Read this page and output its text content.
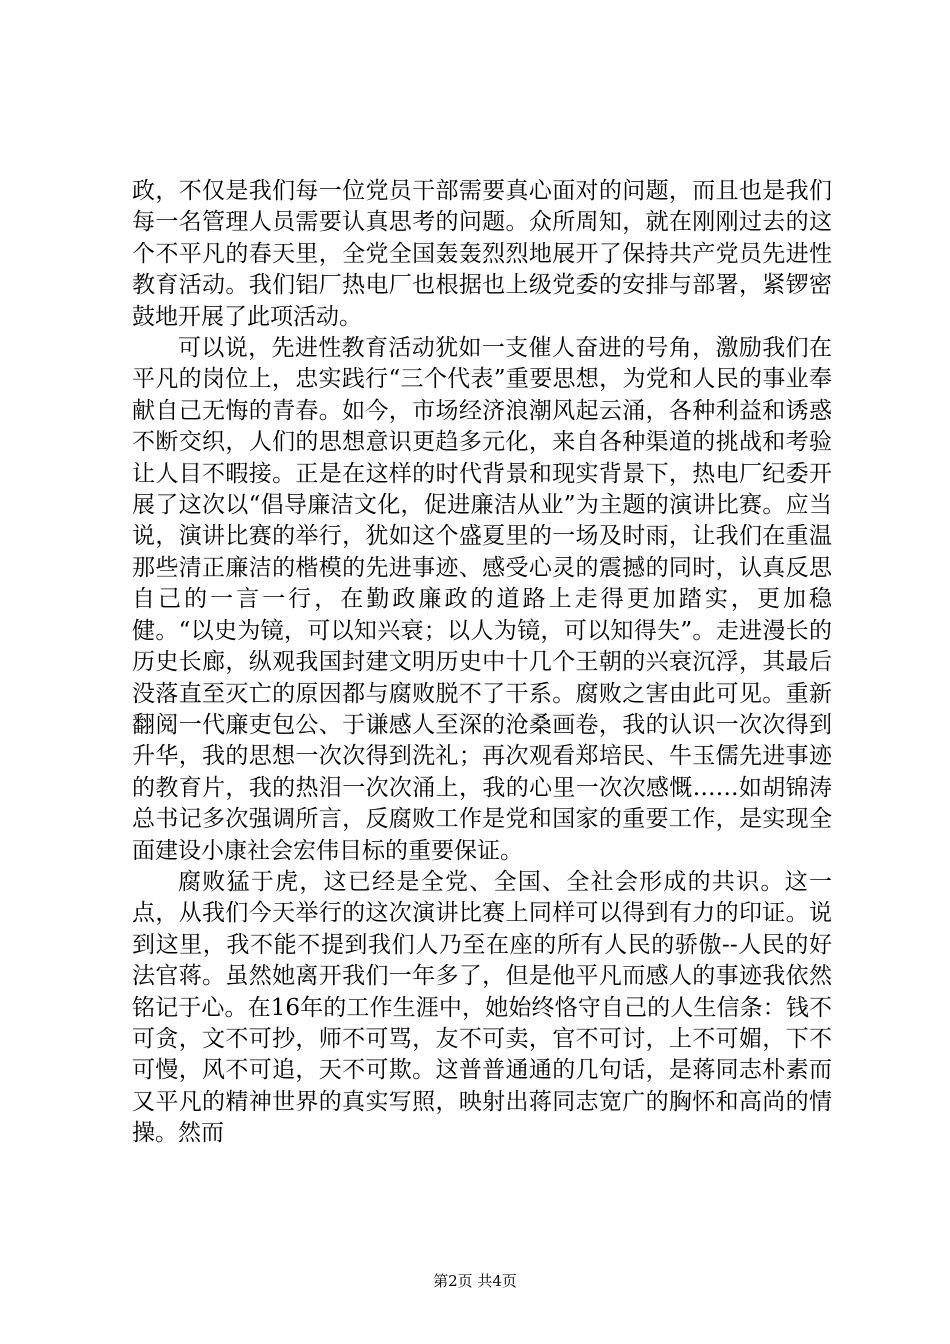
政，不仅是我们每一位党员干部需要真心面对的问题，而且也是我们每一名管理人员需要认真思考的问题。众所周知，就在刚刚过去的这个不平凡的春天里，全党全国轰轰烈烈地展开了保持共产党员先进性教育活动。我们铝厂热电厂也根据也上级党委的安排与部署，紧锣密鼓地开展了此项活动。

可以说，先进性教育活动犹如一支催人奋进的号角，激励我们在平凡的岗位上，忠实践行“三个代表”重要思想，为党和人民的事业奉献自己无悔的青春。如今，市场经济浪潮风起云涌，各种利益和诱惑不断交织，人们的思想意识更趋多元化，来自各种渠道的挑战和考验让人目不暇接。正是在这样的时代背景和现实背景下，热电厂纪委开展了这次以“倡导廉洁文化，促进廉洁从业”为主题的演讲比赛。应当说，演讲比赛的举行，犹如这个盛夏里的一场及时雨，让我们在重温那些清正廉洁的楷模的先进事迹、感受心灵的震撼的同时，认真反思自己的一言一行，在勤政廉政的道路上走得更加踏实，更加稳健。“以史为镜，可以知兴衰；以人为镜，可以知得失”。走进漫长的历史长廊，纵观我国封建文明历史中十几个王朝的兴衰沉浮，其最后没落直至灭亡的原因都与腐败脱不了干系。腐败之害由此可见。重新翻阅一代廉吏包公、于谦感人至深的沧桑画卷，我的认识一次次得到升华，我的思想一次次得到洗礼；再次观看郑培民、牛玉儒先进事迹的教育片，我的热泪一次次涌上，我的心里一次次感慨……如胡锦涛总书记多次强调所言，反腐败工作是党和国家的重要工作，是实现全面建设小康社会宏伟目标的重要保证。

腐败猛于虎，这已经是全党、全国、全社会形成的共识。这一点，从我们今天举行的这次演讲比赛上同样可以得到有力的印证。说到这里，我不能不提到我们人乃至在座的所有人民的骄傲--人民的好法官蒋。虽然她离开我们一年多了，但是他平凡而感人的事迹我依然铭记于心。在16年的工作生涯中，她始终恪守自己的人生信条：钱不可贪，文不可抄，师不可骂，友不可卖，官不可讨，上不可媚，下不可慢，风不可追，天不可欺。这普普通通的几句话，是蒋同志朴素而又平凡的精神世界的真实写照，映射出蒋同志宽广的胸怀和高尚的情操。然而

第2页 共4页
